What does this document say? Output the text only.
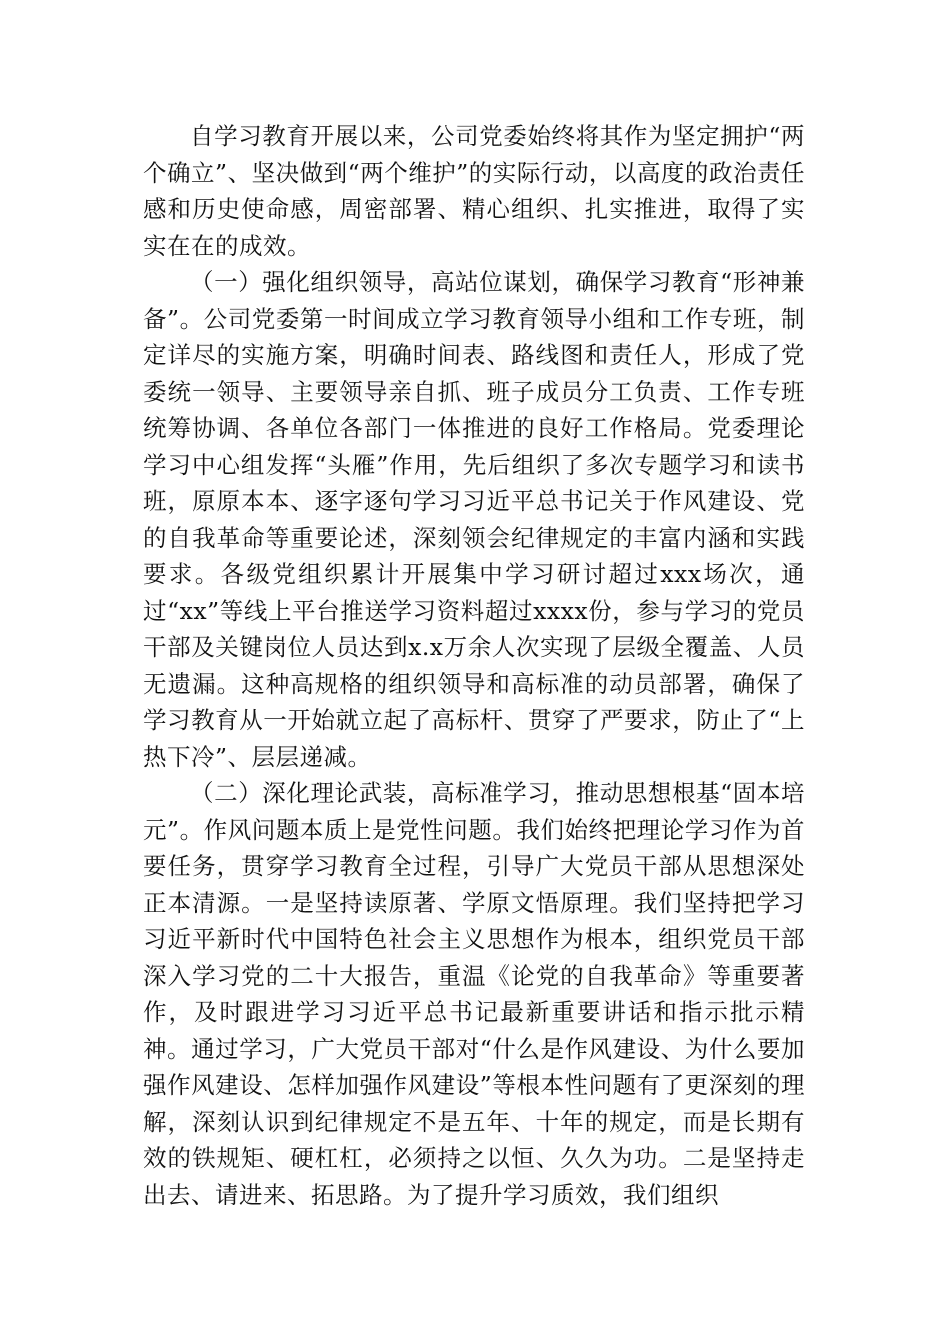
自学习教育开展以来，公司党委始终将其作为坚定拥护“两个确立”、坚决做到“两个维护”的实际行动，以高度的政治责任感和历史使命感，周密部署、精心组织、扎实推进，取得了实实在在的成效。

（一）强化组织领导，高站位谋划，确保学习教育“形神兼备”。公司党委第一时间成立学习教育领导小组和工作专班，制定详尽的实施方案，明确时间表、路线图和责任人，形成了党委统一领导、主要领导亲自抓、班子成员分工负责、工作专班统筹协调、各单位各部门一体推进的良好工作格局。党委理论学习中心组发挥“头雁”作用，先后组织了多次专题学习和读书班，原原本本、逐字逐句学习习近平总书记关于作风建设、党的自我革命等重要论述，深刻领会纪律规定的丰富内涵和实践要求。各级党组织累计开展集中学习研讨超过xxx场次，通过“xx”等线上平台推送学习资料超过xxxx份，参与学习的党员干部及关键岗位人员达到x.x万余人次实现了层级全覆盖、人员无遗漏。这种高规格的组织领导和高标准的动员部署，确保了学习教育从一开始就立起了高标杆、贯穿了严要求，防止了“上热下冷”、层层递减。

（二）深化理论武装，高标准学习，推动思想根基“固本培元”。作风问题本质上是党性问题。我们始终把理论学习作为首要任务，贯穿学习教育全过程，引导广大党员干部从思想深处正本清源。一是坚持读原著、学原文悟原理。我们坚持把学习习近平新时代中国特色社会主义思想作为根本，组织党员干部深入学习党的二十大报告，重温《论党的自我革命》等重要著作，及时跟进学习习近平总书记最新重要讲话和指示批示精神。通过学习，广大党员干部对“什么是作风建设、为什么要加强作风建设、怎样加强作风建设”等根本性问题有了更深刻的理解，深刻认识到纪律规定不是五年、十年的规定，而是长期有效的铁规矩、硬杠杠，必须持之以恒、久久为功。二是坚持走出去、请进来、拓思路。为了提升学习质效，我们组织
